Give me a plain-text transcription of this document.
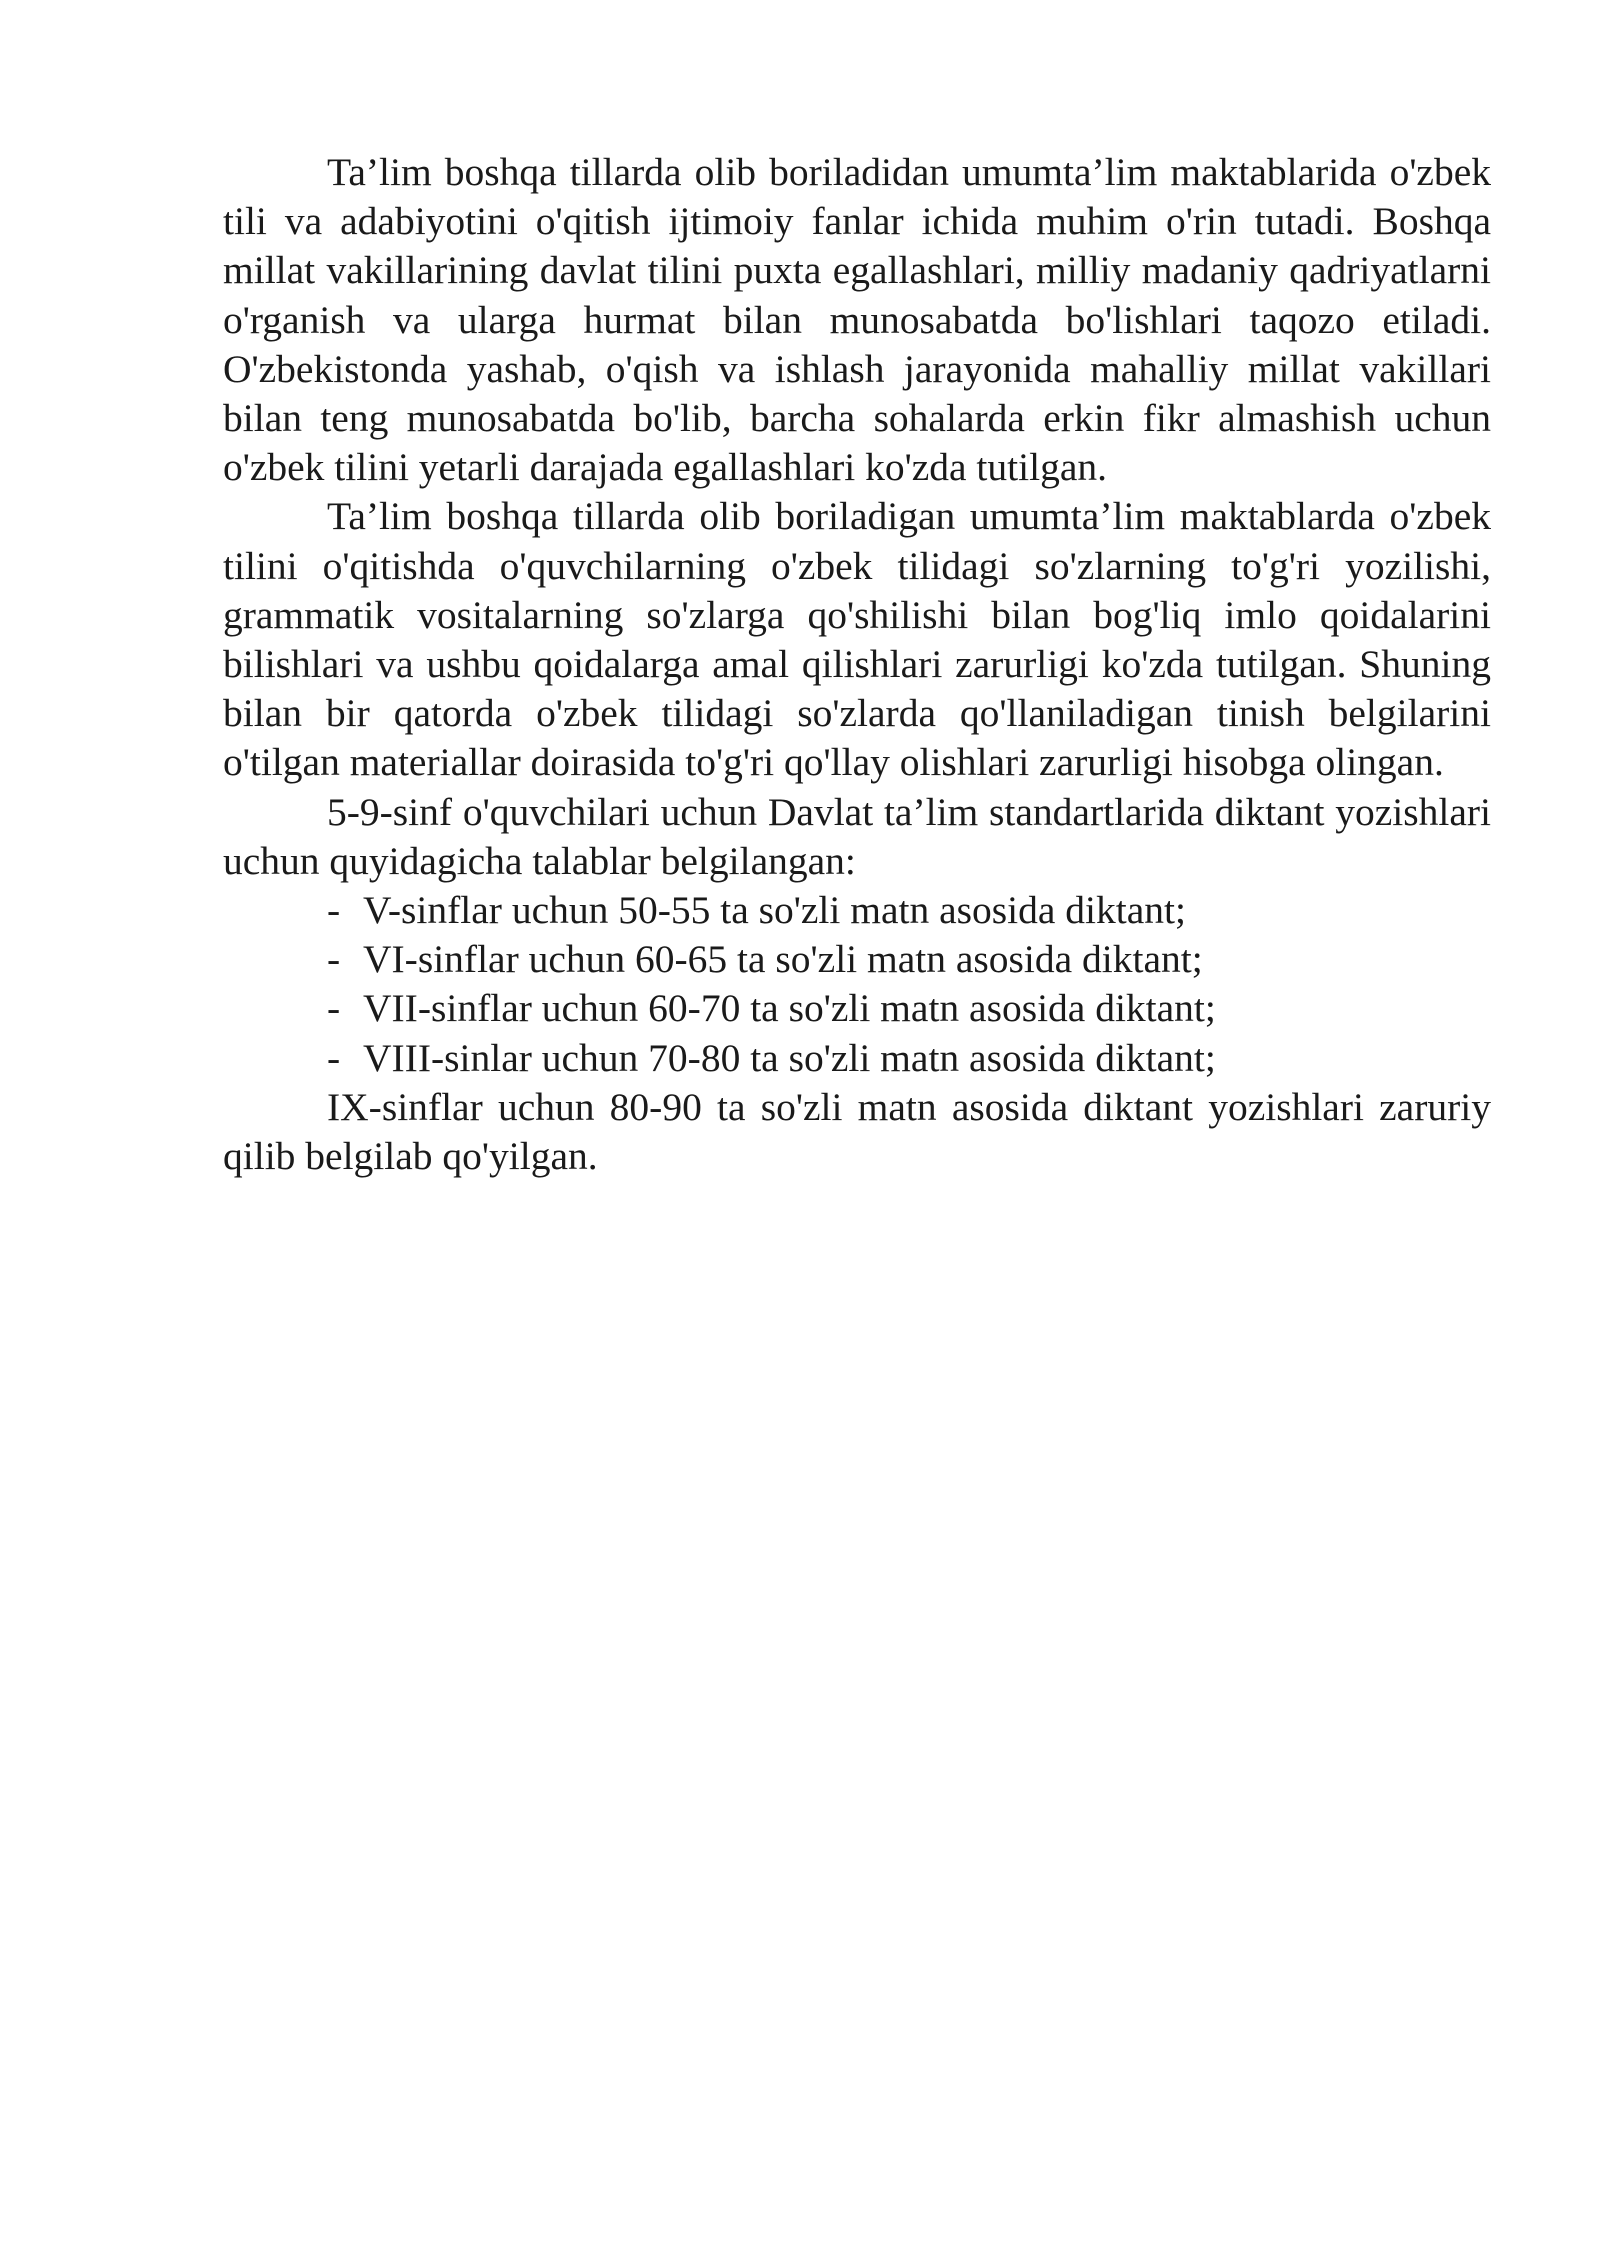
Ta’lim boshqa tillarda olib boriladidan umumta’lim maktablarida o'zbek tili va adabiyotini o'qitish ijtimoiy fanlar ichida muhim o'rin tutadi. Boshqa millat vakillarining davlat tilini puxta egallashlari, milliy madaniy qadriyatlarni o'rganish va ularga hurmat bilan munosabatda bo'lishlari taqozo etiladi. O'zbekistonda yashab, o'qish va ishlash jarayonida mahalliy millat vakillari bilan teng munosabatda bo'lib, barcha sohalarda erkin fikr almashish uchun o'zbek tilini yetarli darajada egallashlari ko'zda tutilgan.

Ta’lim boshqa tillarda olib boriladigan umumta’lim maktablarda o'zbek tilini o'qitishda o'quvchilarning o'zbek tilidagi so'zlarning to'g'ri yozilishi, grammatik vositalarning so'zlarga qo'shilishi bilan bog'liq imlo qoidalarini bilishlari va ushbu qoidalarga amal qilishlari zarurligi ko'zda tutilgan. Shuning bilan bir qatorda o'zbek tilidagi so'zlarda qo'llaniladigan tinish belgilarini o'tilgan materiallar doirasida to'g'ri qo'llay olishlari zarurligi hisobga olingan.

5-9-sinf o'quvchilari uchun Davlat ta’lim standartlarida diktant yozishlari uchun quyidagicha talablar belgilangan:

- V-sinflar uchun 50-55 ta so'zli matn asosida diktant;
- VI-sinflar uchun 60-65 ta so'zli matn asosida diktant;
- VII-sinflar uchun 60-70 ta so'zli matn asosida diktant;
- VIII-sinlar uchun 70-80 ta so'zli matn asosida diktant;

IX-sinflar uchun 80-90 ta so'zli matn asosida diktant yozishlari zaruriy qilib belgilab qo'yilgan.
